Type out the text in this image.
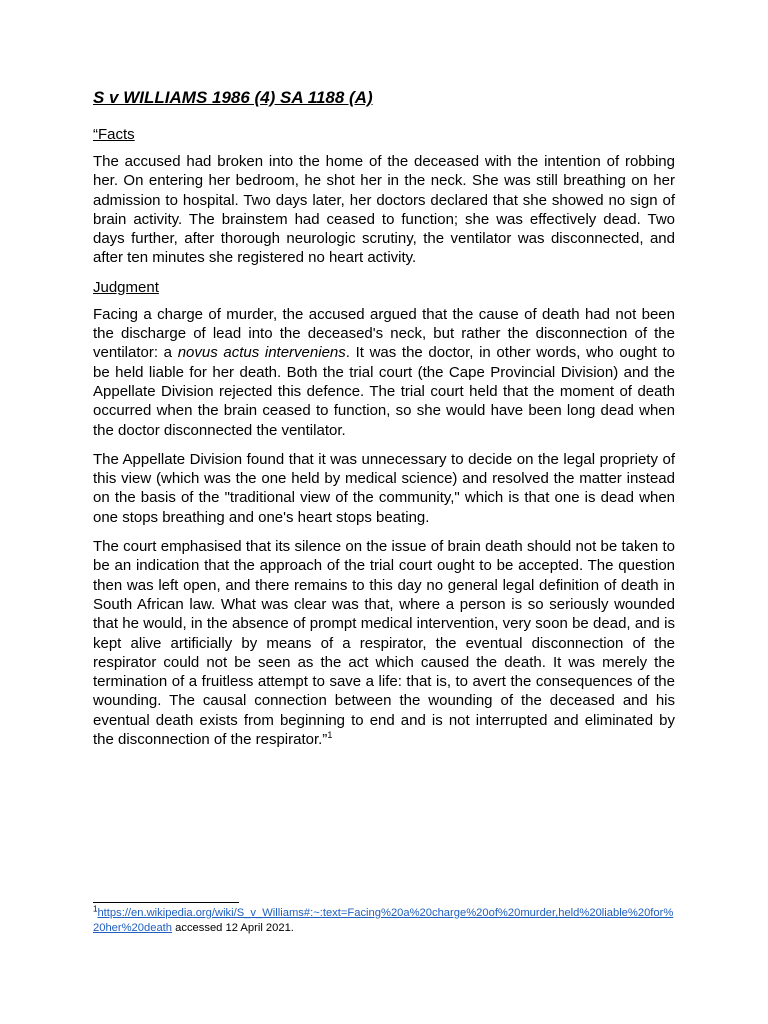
S v WILLIAMS 1986 (4) SA 1188 (A)

“Facts

The accused had broken into the home of the deceased with the intention of robbing her. On entering her bedroom, he shot her in the neck. She was still breathing on her admission to hospital. Two days later, her doctors declared that she showed no sign of brain activity. The brainstem had ceased to function; she was effectively dead. Two days further, after thorough neurologic scrutiny, the ventilator was disconnected, and after ten minutes she registered no heart activity.

Judgment

Facing a charge of murder, the accused argued that the cause of death had not been the discharge of lead into the deceased's neck, but rather the disconnection of the ventilator: a novus actus interveniens. It was the doctor, in other words, who ought to be held liable for her death. Both the trial court (the Cape Provincial Division) and the Appellate Division rejected this defence. The trial court held that the moment of death occurred when the brain ceased to function, so she would have been long dead when the doctor disconnected the ventilator.

The Appellate Division found that it was unnecessary to decide on the legal propriety of this view (which was the one held by medical science) and resolved the matter instead on the basis of the "traditional view of the community," which is that one is dead when one stops breathing and one's heart stops beating.

The court emphasised that its silence on the issue of brain death should not be taken to be an indication that the approach of the trial court ought to be accepted. The question then was left open, and there remains to this day no general legal definition of death in South African law. What was clear was that, where a person is so seriously wounded that he would, in the absence of prompt medical intervention, very soon be dead, and is kept alive artificially by means of a respirator, the eventual disconnection of the respirator could not be seen as the act which caused the death. It was merely the termination of a fruitless attempt to save a life: that is, to avert the consequences of the wounding. The causal connection between the wounding of the deceased and his eventual death exists from beginning to end and is not interrupted and eliminated by the disconnection of the respirator.”$^1$

$^1$https://en.wikipedia.org/wiki/S_v_Williams#:~:text=Facing%20a%20charge%20of%20murder,held%20liable%20for%20her%20death accessed 12 April 2021.
